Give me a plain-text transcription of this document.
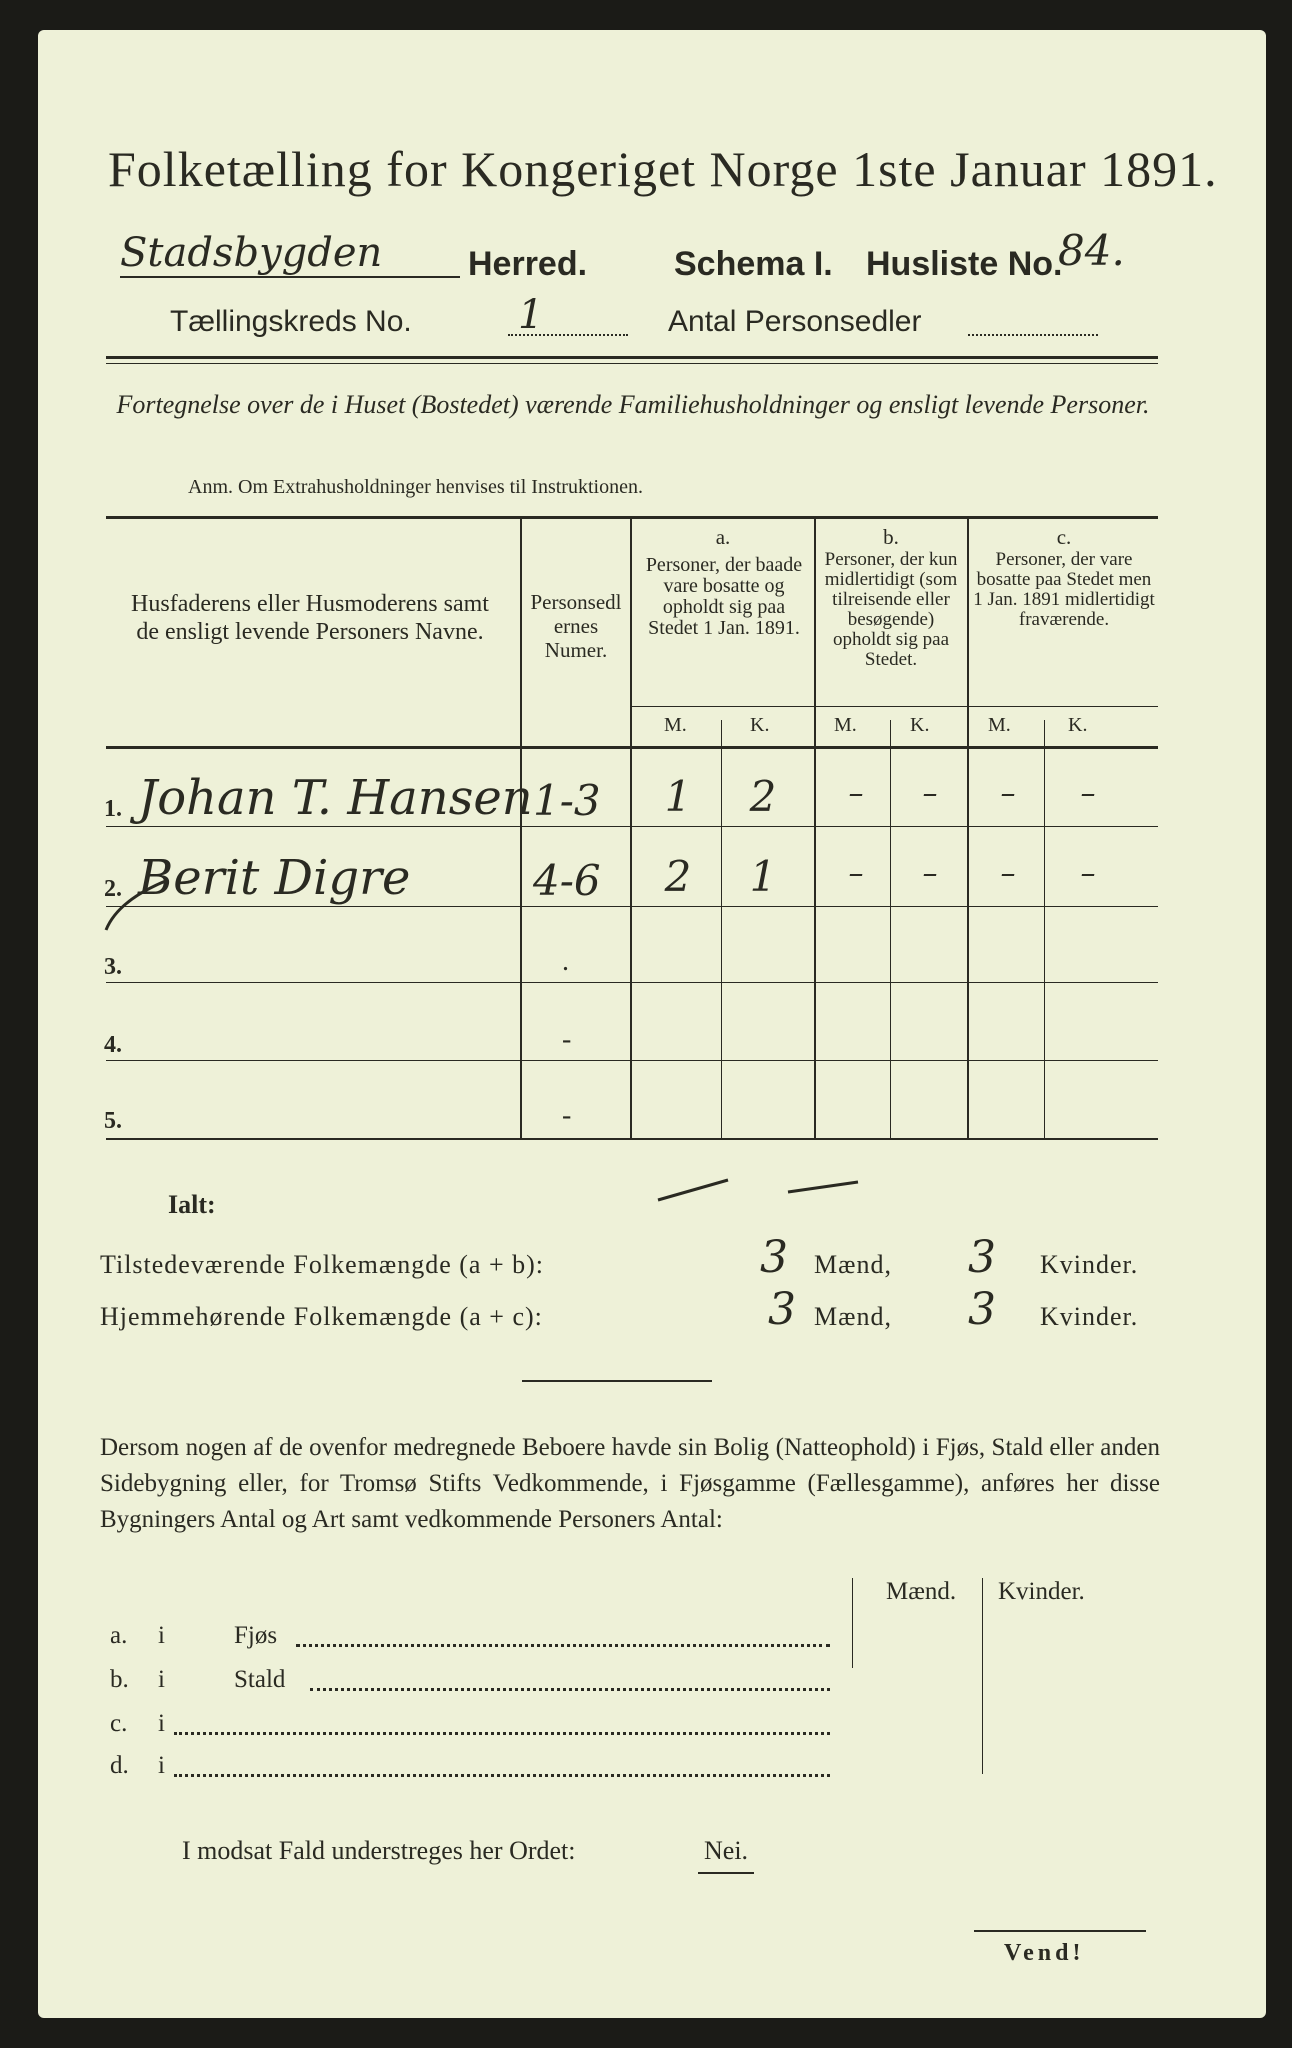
Folketælling for Kongeriget Norge 1ste Januar 1891.
Stadsbygden	Herred.	Schema I. Husliste No.
84.
Tællingskreds No.	1	Antal Personsedler
Fortegnelse over de i Huset (Bostedet) værende Familiehusholdninger og ensligt levende Personer.
Anm. Om Extrahusholdninger henvises til Instruktionen.
Husfaderens eller Husmoderens samt de ensligt levende Personers Navne.
Personsedlernes Numer.
a.
Personer, der baade vare bosatte og opholdt sig paa Stedet 1 Jan. 1891.
b.
Personer, der kun midlertidigt (som tilreisende eller besøgende) opholdt sig paa Stedet.
c.
Personer, der vare bosatte paa Stedet men 1 Jan. 1891 midlertidigt fraværende.
M.	K.	M.	K.	M.	K.
1. Johan T. Hansen 1-3	1	2	–	–	–	–
2. Berit Digre	4-6	2	1	–	–	–	–
3.	.
4.	-
5.	-
Ialt:
Tilstedeværende Folkemængde (a + b):	3 Mænd, 3 Kvinder.
Hjemmehørende Folkemængde (a + c):	3 Mænd, 3 Kvinder.
Dersom nogen af de ovenfor medregnede Beboere havde sin Bolig (Natteophold) i Fjøs, Stald eller anden Sidebygning eller, for Tromsø Stifts Vedkommende, i Fjøsgamme (Fællesgamme), anføres her disse Bygningers Antal og Art samt vedkommende Personers Antal:
Mænd. Kvinder.
a. i	Fjøs
b. i	Stald
c. i
d. i
I modsat Fald understreges her Ordet:	Nei.
Vend!
